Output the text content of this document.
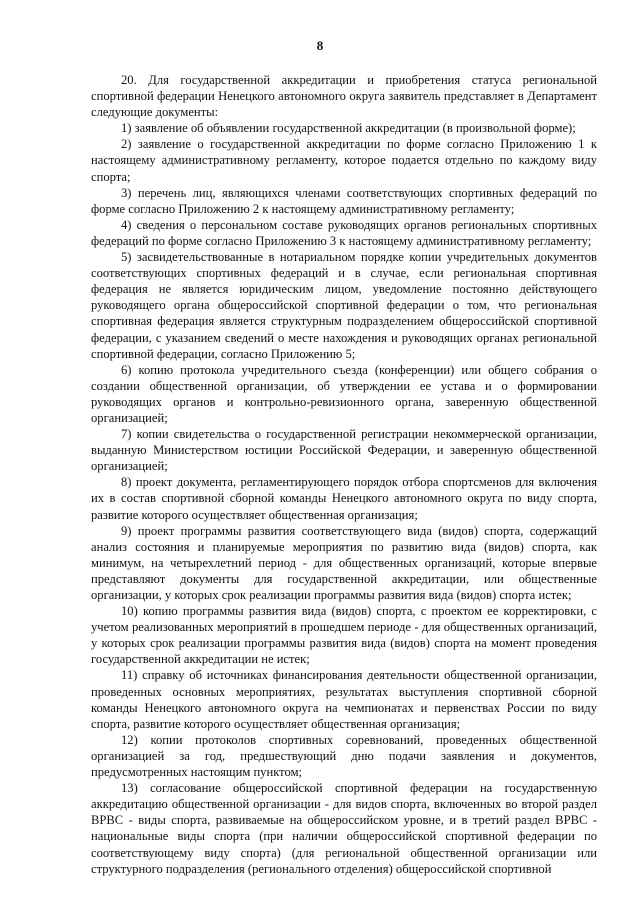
8

20. Для государственной аккредитации и приобретения статуса региональной спортивной федерации Ненецкого автономного округа заявитель представляет в Департамент следующие документы:

1) заявление об объявлении государственной аккредитации (в произвольной форме);

2) заявление о государственной аккредитации по форме согласно Приложению 1 к настоящему административному регламенту, которое подается отдельно по каждому виду спорта;

3) перечень лиц, являющихся членами соответствующих спортивных федераций по форме согласно Приложению 2 к настоящему административному регламенту;

4) сведения о персональном составе руководящих органов региональных спортивных федераций по форме согласно Приложению 3 к настоящему административному регламенту;

5) засвидетельствованные в нотариальном порядке копии учредительных документов соответствующих спортивных федераций и в случае, если региональная спортивная федерация не является юридическим лицом, уведомление постоянно действующего руководящего органа общероссийской спортивной федерации о том, что региональная спортивная федерация является структурным подразделением общероссийской спортивной федерации, с указанием сведений о месте нахождения и руководящих органах региональной спортивной федерации, согласно Приложению 5;

6) копию протокола учредительного съезда (конференции) или общего собрания о создании общественной организации, об утверждении ее устава и о формировании руководящих органов и контрольно-ревизионного органа, заверенную общественной организацией;

7) копии свидетельства о государственной регистрации некоммерческой организации, выданную Министерством юстиции Российской Федерации, и заверенную общественной организацией;

8) проект документа, регламентирующего порядок отбора спортсменов для включения их в состав спортивной сборной команды Ненецкого автономного округа по виду спорта, развитие которого осуществляет общественная организация;

9) проект программы развития соответствующего вида (видов) спорта, содержащий анализ состояния и планируемые мероприятия по развитию вида (видов) спорта, как минимум, на четырехлетний период - для общественных организаций, которые впервые представляют документы для государственной аккредитации, или общественные организации, у которых срок реализации программы развития вида (видов) спорта истек;

10) копию программы развития вида (видов) спорта, с проектом ее корректировки, с учетом реализованных мероприятий в прошедшем периоде - для общественных организаций, у которых срок реализации программы развития вида (видов) спорта на момент проведения государственной аккредитации не истек;

11) справку об источниках финансирования деятельности общественной организации, проведенных основных мероприятиях, результатах выступления спортивной сборной команды Ненецкого автономного округа на чемпионатах и первенствах России по виду спорта, развитие которого осуществляет общественная организация;

12) копии протоколов спортивных соревнований, проведенных общественной организацией за год, предшествующий дню подачи заявления и документов, предусмотренных настоящим пунктом;

13) согласование общероссийской спортивной федерации на государственную аккредитацию общественной организации - для видов спорта, включенных во второй раздел ВРВС - виды спорта, развиваемые на общероссийском уровне, и в третий раздел ВРВС - национальные виды спорта (при наличии общероссийской спортивной федерации по соответствующему виду спорта) (для региональной общественной организации или структурного подразделения (регионального отделения) общероссийской спортивной
